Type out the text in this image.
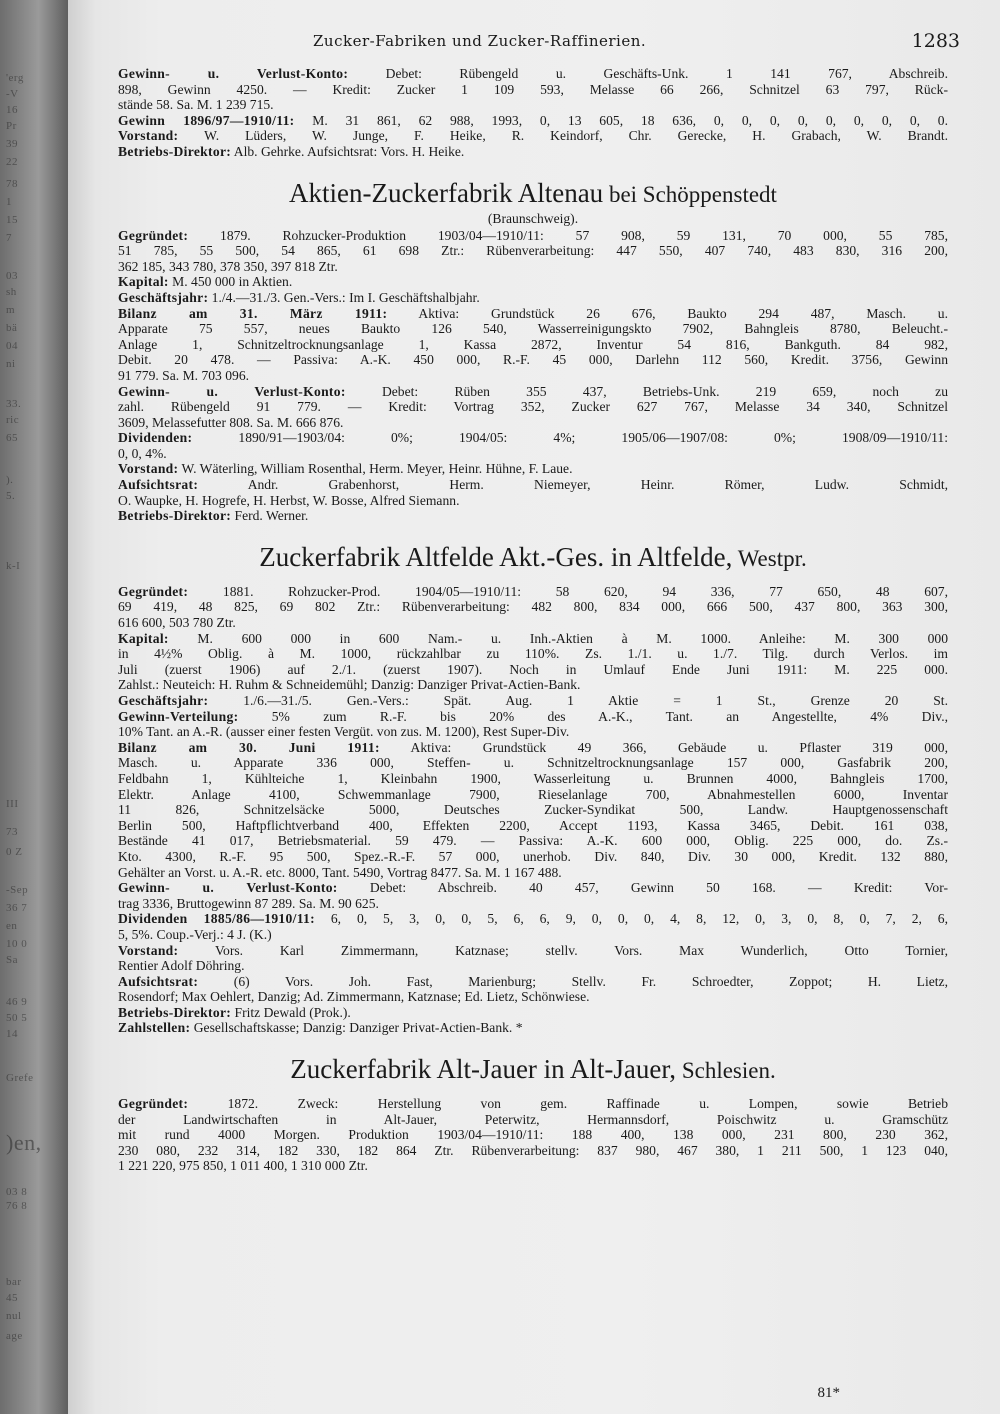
'erg
-V
16
Pr
39
22
78
1
15
7
03
sh
m
bä
04
ni
33.
ric
65
).
5.
k-I
III
73
0 Z
-Sep
36 7
en
10 0
Sa
46 9
50 5
14
Grefe
)en,
03 8
76 8
bar
45
nul
age
Zucker-Fabriken und Zucker-Raffinerien.	1283
Gewinn- u. Verlust-Konto: Debet: Rübengeld u. Geschäfts-Unk. 1 141 767, Abschreib.
898, Gewinn 4250. — Kredit: Zucker 1 109 593, Melasse 66 266, Schnitzel 63 797, Rück-
stände 58. Sa. M. 1 239 715.
Gewinn 1896/97—1910/11: M. 31 861, 62 988, 1993, 0, 13 605, 18 636, 0, 0, 0, 0, 0, 0, 0, 0, 0.
Vorstand: W. Lüders, W. Junge, F. Heike, R. Keindorf, Chr. Gerecke, H. Grabach, W. Brandt.
Betriebs-Direktor: Alb. Gehrke. Aufsichtsrat: Vors. H. Heike.
Aktien-Zuckerfabrik Altenau bei Schöppenstedt
(Braunschweig).
Gegründet: 1879. Rohzucker-Produktion 1903/04—1910/11: 57 908, 59 131, 70 000, 55 785,
51 785, 55 500, 54 865, 61 698 Ztr.: Rübenverarbeitung: 447 550, 407 740, 483 830, 316 200,
362 185, 343 780, 378 350, 397 818 Ztr.
Kapital: M. 450 000 in Aktien.
Geschäftsjahr: 1./4.—31./3. Gen.-Vers.: Im I. Geschäftshalbjahr.
Bilanz am 31. März 1911: Aktiva: Grundstück 26 676, Baukto 294 487, Masch. u.
Apparate 75 557, neues Baukto 126 540, Wasserreinigungskto 7902, Bahngleis 8780, Beleucht.-
Anlage 1, Schnitzeltrocknungsanlage 1, Kassa 2872, Inventur 54 816, Bankguth. 84 982,
Debit. 20 478. — Passiva: A.-K. 450 000, R.-F. 45 000, Darlehn 112 560, Kredit. 3756, Gewinn
91 779. Sa. M. 703 096.
Gewinn- u. Verlust-Konto: Debet: Rüben 355 437, Betriebs-Unk. 219 659, noch zu
zahl. Rübengeld 91 779. — Kredit: Vortrag 352, Zucker 627 767, Melasse 34 340, Schnitzel
3609, Melassefutter 808. Sa. M. 666 876.
Dividenden: 1890/91—1903/04: 0%; 1904/05: 4%; 1905/06—1907/08: 0%; 1908/09—1910/11:
0, 0, 4%.
Vorstand: W. Wäterling, William Rosenthal, Herm. Meyer, Heinr. Hühne, F. Laue.
Aufsichtsrat: Andr. Grabenhorst, Herm. Niemeyer, Heinr. Römer, Ludw. Schmidt,
O. Waupke, H. Hogrefe, H. Herbst, W. Bosse, Alfred Siemann.
Betriebs-Direktor: Ferd. Werner.
Zuckerfabrik Altfelde Akt.-Ges. in Altfelde, Westpr.
Gegründet: 1881. Rohzucker-Prod. 1904/05—1910/11: 58 620, 94 336, 77 650, 48 607,
69 419, 48 825, 69 802 Ztr.: Rübenverarbeitung: 482 800, 834 000, 666 500, 437 800, 363 300,
616 600, 503 780 Ztr.
Kapital: M. 600 000 in 600 Nam.- u. Inh.-Aktien à M. 1000. Anleihe: M. 300 000
in 4½% Oblig. à M. 1000, rückzahlbar zu 110%. Zs. 1./1. u. 1./7. Tilg. durch Verlos. im
Juli (zuerst 1906) auf 2./1. (zuerst 1907). Noch in Umlauf Ende Juni 1911: M. 225 000.
Zahlst.: Neuteich: H. Ruhm & Schneidemühl; Danzig: Danziger Privat-Actien-Bank.
Geschäftsjahr: 1./6.—31./5. Gen.-Vers.: Spät. Aug. 1 Aktie = 1 St., Grenze 20 St.
Gewinn-Verteilung: 5% zum R.-F. bis 20% des A.-K., Tant. an Angestellte, 4% Div.,
10% Tant. an A.-R. (ausser einer festen Vergüt. von zus. M. 1200), Rest Super-Div.
Bilanz am 30. Juni 1911: Aktiva: Grundstück 49 366, Gebäude u. Pflaster 319 000,
Masch. u. Apparate 336 000, Steffen- u. Schnitzeltrocknungsanlage 157 000, Gasfabrik 200,
Feldbahn 1, Kühlteiche 1, Kleinbahn 1900, Wasserleitung u. Brunnen 4000, Bahngleis 1700,
Elektr. Anlage 4100, Schwemmanlage 7900, Rieselanlage 700, Abnahmestellen 6000, Inventar
11 826, Schnitzelsäcke 5000, Deutsches Zucker-Syndikat 500, Landw. Hauptgenossenschaft
Berlin 500, Haftpflichtverband 400, Effekten 2200, Accept 1193, Kassa 3465, Debit. 161 038,
Bestände 41 017, Betriebsmaterial. 59 479. — Passiva: A.-K. 600 000, Oblig. 225 000, do. Zs.-
Kto. 4300, R.-F. 95 500, Spez.-R.-F. 57 000, unerhob. Div. 840, Div. 30 000, Kredit. 132 880,
Gehälter an Vorst. u. A.-R. etc. 8000, Tant. 5490, Vortrag 8477. Sa. M. 1 167 488.
Gewinn- u. Verlust-Konto: Debet: Abschreib. 40 457, Gewinn 50 168. — Kredit: Vor-
trag 3336, Bruttogewinn 87 289. Sa. M. 90 625.
Dividenden 1885/86—1910/11: 6, 0, 5, 3, 0, 0, 5, 6, 6, 9, 0, 0, 0, 4, 8, 12, 0, 3, 0, 8, 0, 7, 2, 6,
5, 5%. Coup.-Verj.: 4 J. (K.)
Vorstand: Vors. Karl Zimmermann, Katznase; stellv. Vors. Max Wunderlich, Otto Tornier,
Rentier Adolf Döhring.
Aufsichtsrat: (6) Vors. Joh. Fast, Marienburg; Stellv. Fr. Schroedter, Zoppot; H. Lietz,
Rosendorf; Max Oehlert, Danzig; Ad. Zimmermann, Katznase; Ed. Lietz, Schönwiese.
Betriebs-Direktor: Fritz Dewald (Prok.).
Zahlstellen: Gesellschaftskasse; Danzig: Danziger Privat-Actien-Bank. *
Zuckerfabrik Alt-Jauer in Alt-Jauer, Schlesien.
Gegründet: 1872. Zweck: Herstellung von gem. Raffinade u. Lompen, sowie Betrieb
der Landwirtschaften in Alt-Jauer, Peterwitz, Hermannsdorf, Poischwitz u. Gramschütz
mit rund 4000 Morgen. Produktion 1903/04—1910/11: 188 400, 138 000, 231 800, 230 362,
230 080, 232 314, 182 330, 182 864 Ztr. Rübenverarbeitung: 837 980, 467 380, 1 211 500, 1 123 040,
1 221 220, 975 850, 1 011 400, 1 310 000 Ztr.
81*
